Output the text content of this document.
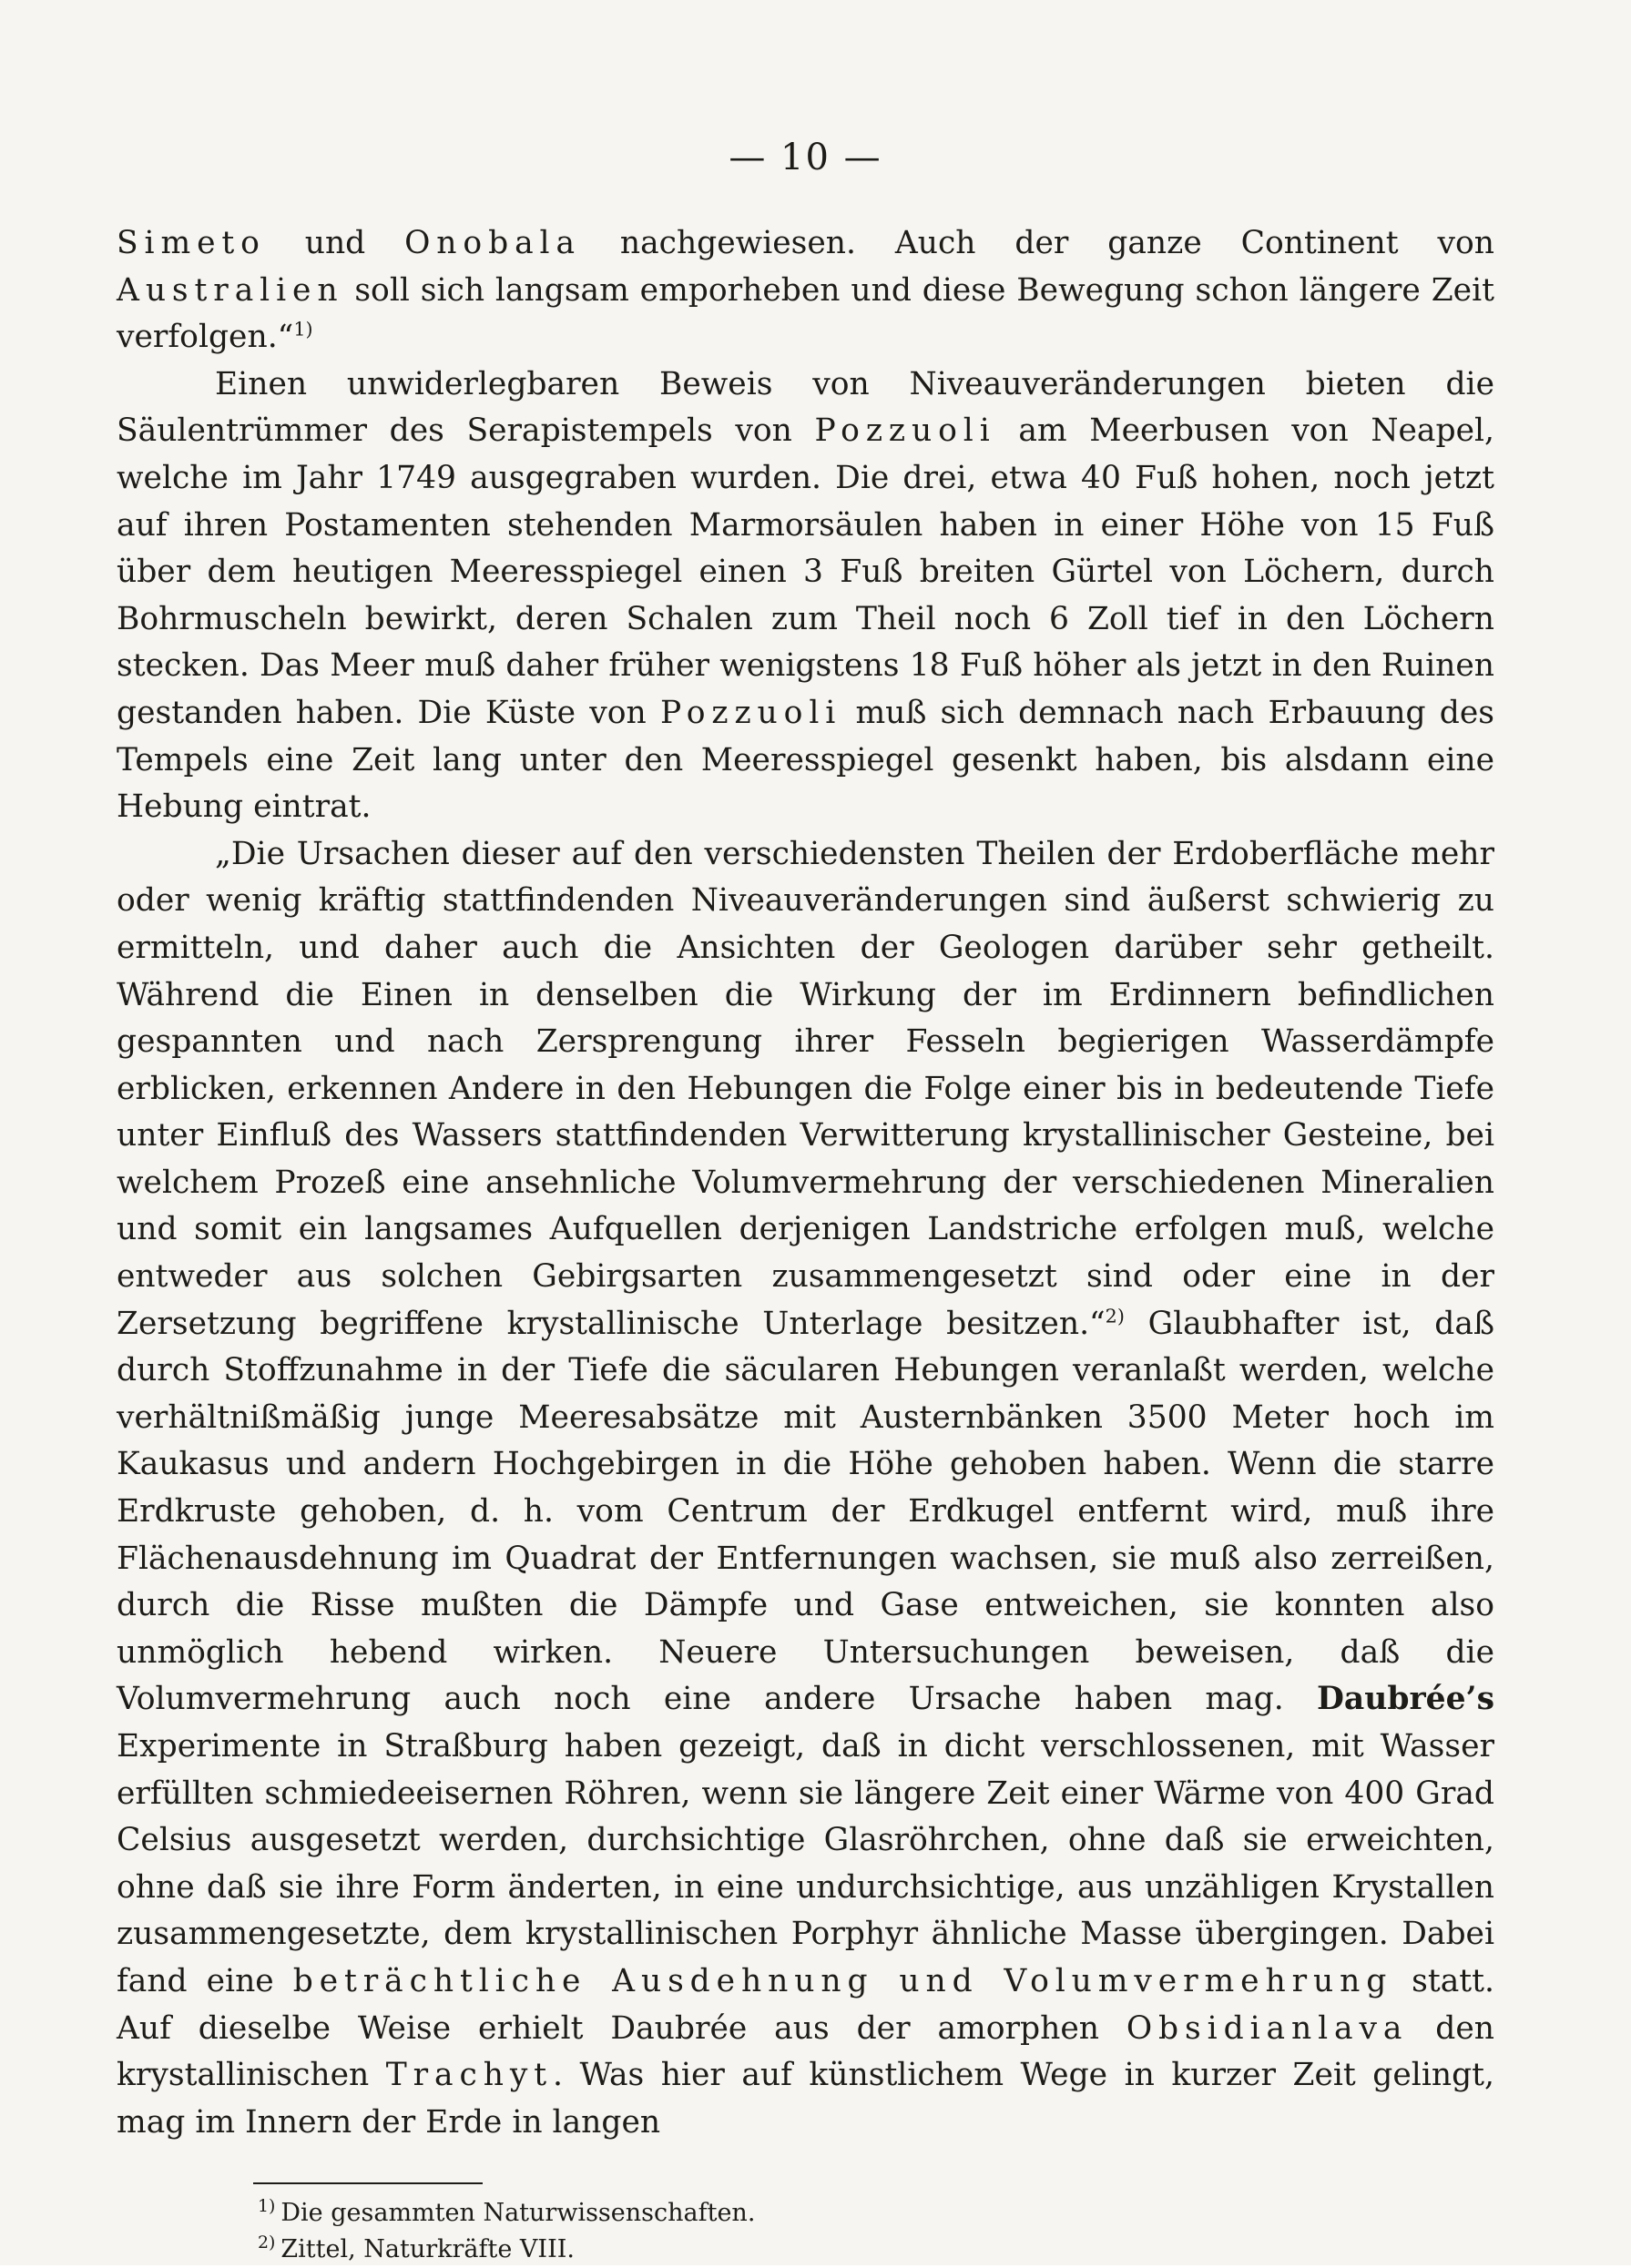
— 10 —

Simeto und Onobala nachgewiesen. Auch der ganze Continent von Australien soll sich langsam emporheben und diese Bewegung schon längere Zeit verfolgen.“$^{1)}$

Einen unwiderlegbaren Beweis von Niveauveränderungen bieten die Säulentrümmer des Serapistempels von Pozzuoli am Meerbusen von Neapel, welche im Jahr 1749 ausgegraben wurden. Die drei, etwa 40 Fuß hohen, noch jetzt auf ihren Postamenten stehenden Marmorsäulen haben in einer Höhe von 15 Fuß über dem heutigen Meeresspiegel einen 3 Fuß breiten Gürtel von Löchern, durch Bohrmuscheln bewirkt, deren Schalen zum Theil noch 6 Zoll tief in den Löchern stecken. Das Meer muß daher früher wenigstens 18 Fuß höher als jetzt in den Ruinen gestanden haben. Die Küste von Pozzuoli muß sich demnach nach Erbauung des Tempels eine Zeit lang unter den Meeresspiegel gesenkt haben, bis alsdann eine Hebung eintrat.

„Die Ursachen dieser auf den verschiedensten Theilen der Erdoberfläche mehr oder wenig kräftig stattfindenden Niveauveränderungen sind äußerst schwierig zu ermitteln, und daher auch die Ansichten der Geologen darüber sehr getheilt. Während die Einen in denselben die Wirkung der im Erdinnern befindlichen gespannten und nach Zersprengung ihrer Fesseln begierigen Wasserdämpfe erblicken, erkennen Andere in den Hebungen die Folge einer bis in bedeutende Tiefe unter Einfluß des Wassers stattfindenden Verwitterung krystallinischer Gesteine, bei welchem Prozeß eine ansehnliche Volumvermehrung der verschiedenen Mineralien und somit ein langsames Aufquellen derjenigen Landstriche erfolgen muß, welche entweder aus solchen Gebirgsarten zusammengesetzt sind oder eine in der Zersetzung begriffene krystallinische Unterlage besitzen.“$^{2)}$ Glaubhafter ist, daß durch Stoffzunahme in der Tiefe die säcularen Hebungen veranlaßt werden, welche verhältnißmäßig junge Meeresabsätze mit Austernbänken 3500 Meter hoch im Kaukasus und andern Hochgebirgen in die Höhe gehoben haben. Wenn die starre Erdkruste gehoben, d. h. vom Centrum der Erdkugel entfernt wird, muß ihre Flächenausdehnung im Quadrat der Entfernungen wachsen, sie muß also zerreißen, durch die Risse mußten die Dämpfe und Gase entweichen, sie konnten also unmöglich hebend wirken. Neuere Untersuchungen beweisen, daß die Volumvermehrung auch noch eine andere Ursache haben mag. Daubrée’s Experimente in Straßburg haben gezeigt, daß in dicht verschlossenen, mit Wasser erfüllten schmiedeeisernen Röhren, wenn sie längere Zeit einer Wärme von 400 Grad Celsius ausgesetzt werden, durchsichtige Glasröhrchen, ohne daß sie erweichten, ohne daß sie ihre Form änderten, in eine undurchsichtige, aus unzähligen Krystallen zusammengesetzte, dem krystallinischen Porphyr ähnliche Masse übergingen. Dabei fand eine beträchtliche Ausdehnung und Volumvermehrung statt. Auf dieselbe Weise erhielt Daubrée aus der amorphen Obsidianlava den krystallinischen Trachyt. Was hier auf künstlichem Wege in kurzer Zeit gelingt, mag im Innern der Erde in langen

$^{1)}$ Die gesammten Naturwissenschaften.

$^{2)}$ Zittel, Naturkräfte VIII.
